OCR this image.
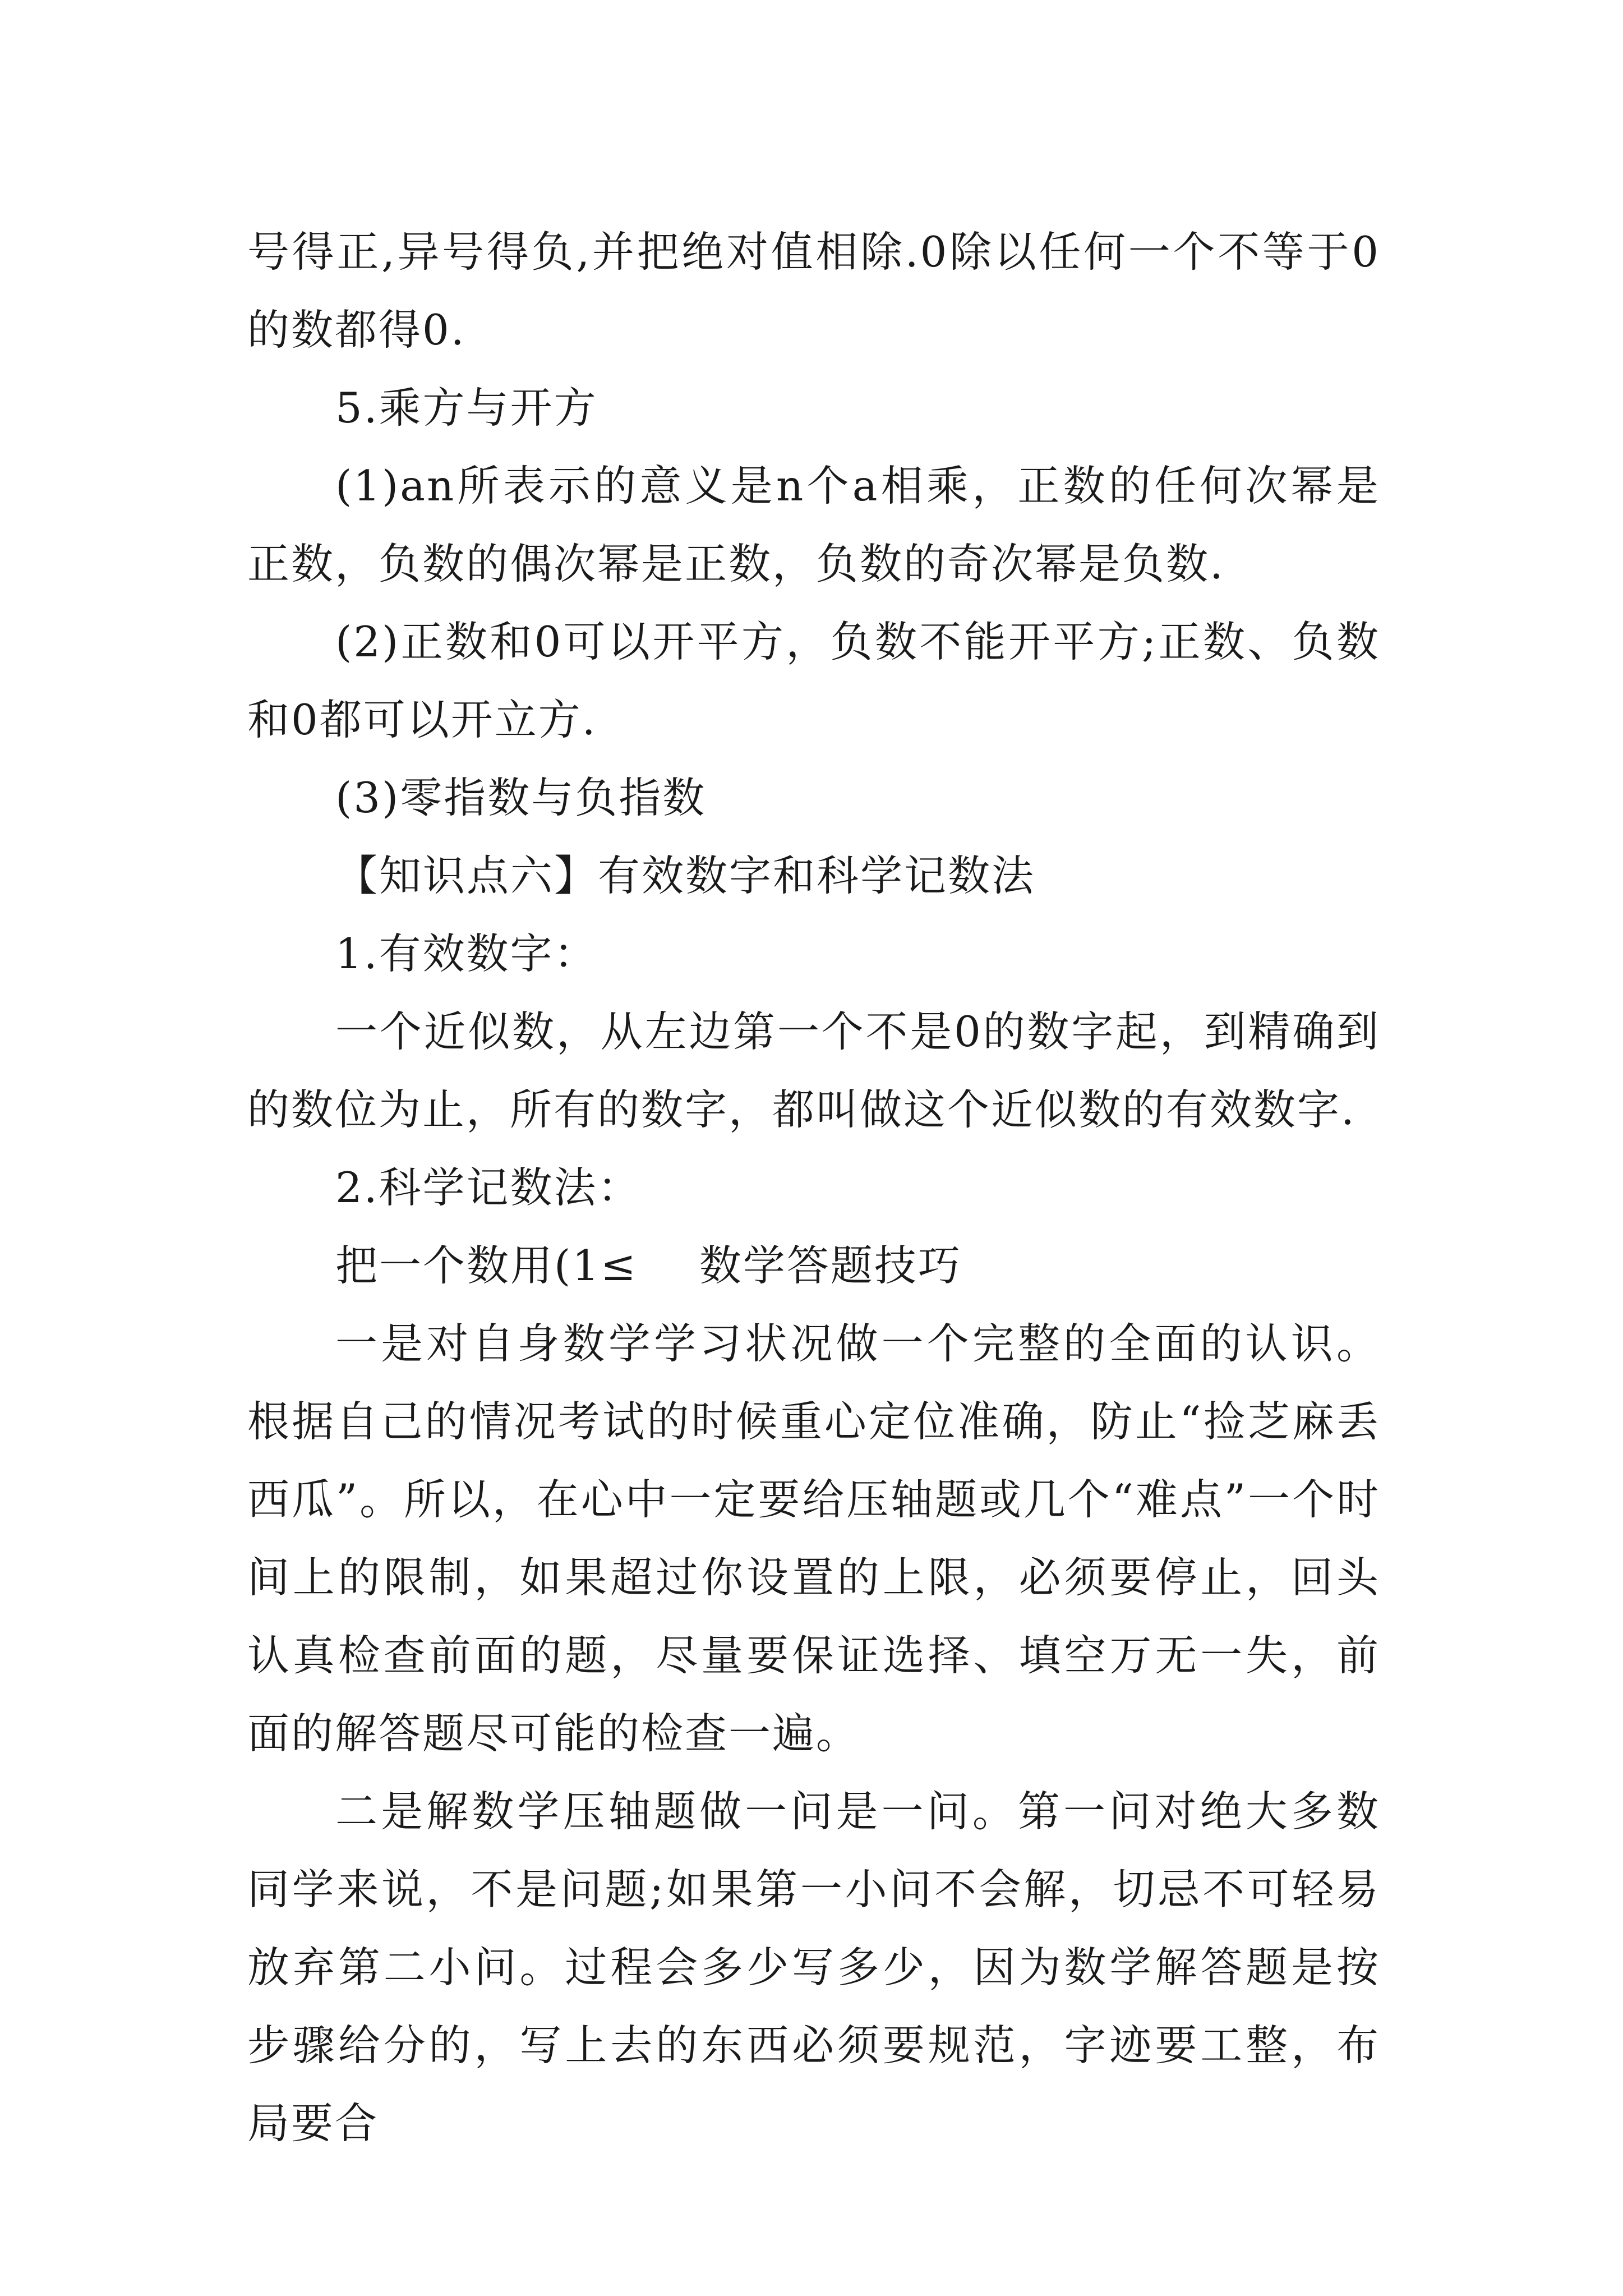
号得正,异号得负,并把绝对值相除.0除以任何一个不等于0的数都得0.

5.乘方与开方

(1)an所表示的意义是n个a相乘，正数的任何次幂是正数，负数的偶次幂是正数，负数的奇次幂是负数.

(2)正数和0可以开平方，负数不能开平方;正数、负数和0都可以开立方.

(3)零指数与负指数

【知识点六】有效数字和科学记数法

1.有效数字：

一个近似数，从左边第一个不是0的数字起，到精确到的数位为止，所有的数字，都叫做这个近似数的有效数字.

2.科学记数法：

把一个数用(1≤ 数学答题技巧

一是对自身数学学习状况做一个完整的全面的认识。根据自己的情况考试的时候重心定位准确，防止“捡芝麻丢西瓜”。所以，在心中一定要给压轴题或几个“难点”一个时间上的限制，如果超过你设置的上限，必须要停止，回头认真检查前面的题，尽量要保证选择、填空万无一失，前面的解答题尽可能的检查一遍。

二是解数学压轴题做一问是一问。第一问对绝大多数同学来说，不是问题;如果第一小问不会解，切忌不可轻易放弃第二小问。过程会多少写多少，因为数学解答题是按步骤给分的，写上去的东西必须要规范，字迹要工整，布局要合
